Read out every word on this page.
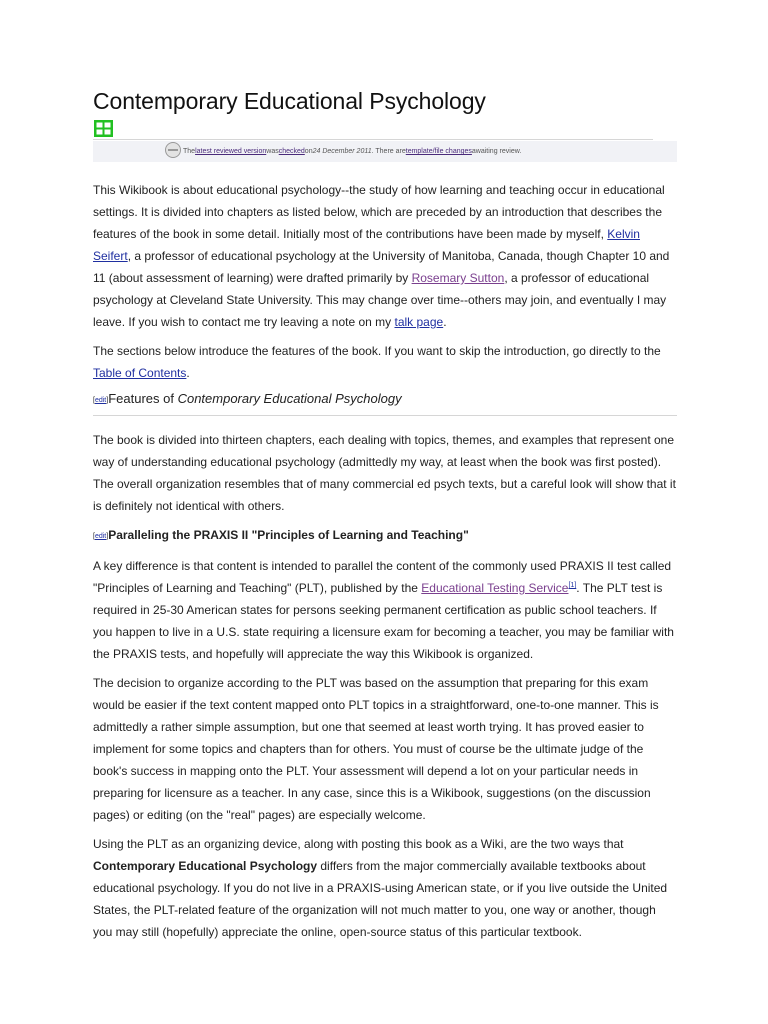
Contemporary Educational Psychology
The latest reviewed version was checked on 24 December 2011 . There are template/file changes awaiting review.

This Wikibook is about educational psychology--the study of how learning and teaching occur in educational settings. It is divided into chapters as listed below, which are preceded by an introduction that describes the features of the book in some detail. Initially most of the contributions have been made by myself, Kelvin Seifert, a professor of educational psychology at the University of Manitoba, Canada, though Chapter 10 and 11 (about assessment of learning) were drafted primarily by Rosemary Sutton, a professor of educational psychology at Cleveland State University. This may change over time--others may join, and eventually I may leave. If you wish to contact me try leaving a note on my talk page.

The sections below introduce the features of the book. If you want to skip the introduction, go directly to the Table of Contents.

[edit]Features of Contemporary Educational Psychology

The book is divided into thirteen chapters, each dealing with topics, themes, and examples that represent one way of understanding educational psychology (admittedly my way, at least when the book was first posted). The overall organization resembles that of many commercial ed psych texts, but a careful look will show that it is definitely not identical with others.

[edit]Paralleling the PRAXIS II "Principles of Learning and Teaching"

A key difference is that content is intended to parallel the content of the commonly used PRAXIS II test called "Principles of Learning and Teaching" (PLT), published by the Educational Testing Service[1]. The PLT test is required in 25-30 American states for persons seeking permanent certification as public school teachers. If you happen to live in a U.S. state requiring a licensure exam for becoming a teacher, you may be familiar with the PRAXIS tests, and hopefully will appreciate the way this Wikibook is organized.

The decision to organize according to the PLT was based on the assumption that preparing for this exam would be easier if the text content mapped onto PLT topics in a straightforward, one-to-one manner. This is admittedly a rather simple assumption, but one that seemed at least worth trying. It has proved easier to implement for some topics and chapters than for others. You must of course be the ultimate judge of the book's success in mapping onto the PLT. Your assessment will depend a lot on your particular needs in preparing for licensure as a teacher. In any case, since this is a Wikibook, suggestions (on the discussion pages) or editing (on the "real" pages) are especially welcome.

Using the PLT as an organizing device, along with posting this book as a Wiki, are the two ways that Contemporary Educational Psychology differs from the major commercially available textbooks about educational psychology. If you do not live in a PRAXIS-using American state, or if you live outside the United States, the PLT-related feature of the organization will not much matter to you, one way or another, though you may still (hopefully) appreciate the online, open-source status of this particular textbook.
